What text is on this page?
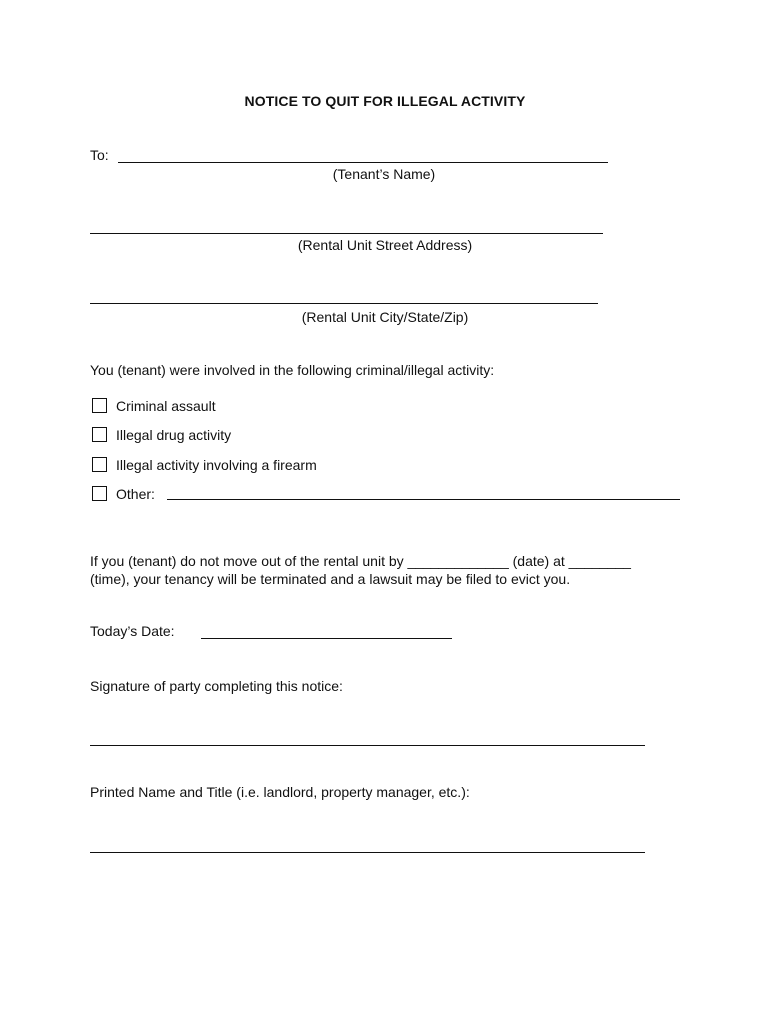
NOTICE TO QUIT FOR ILLEGAL ACTIVITY
To:
(Tenant’s Name)
(Rental Unit Street Address)
(Rental Unit City/State/Zip)
You (tenant) were involved in the following criminal/illegal activity:
Criminal assault
Illegal drug activity
Illegal activity involving a firearm
Other:
If you (tenant) do not move out of the rental unit by _____________ (date) at ________
(time), your tenancy will be terminated and a lawsuit may be filed to evict you.
Today’s Date:
Signature of party completing this notice:
Printed Name and Title (i.e. landlord, property manager, etc.):
